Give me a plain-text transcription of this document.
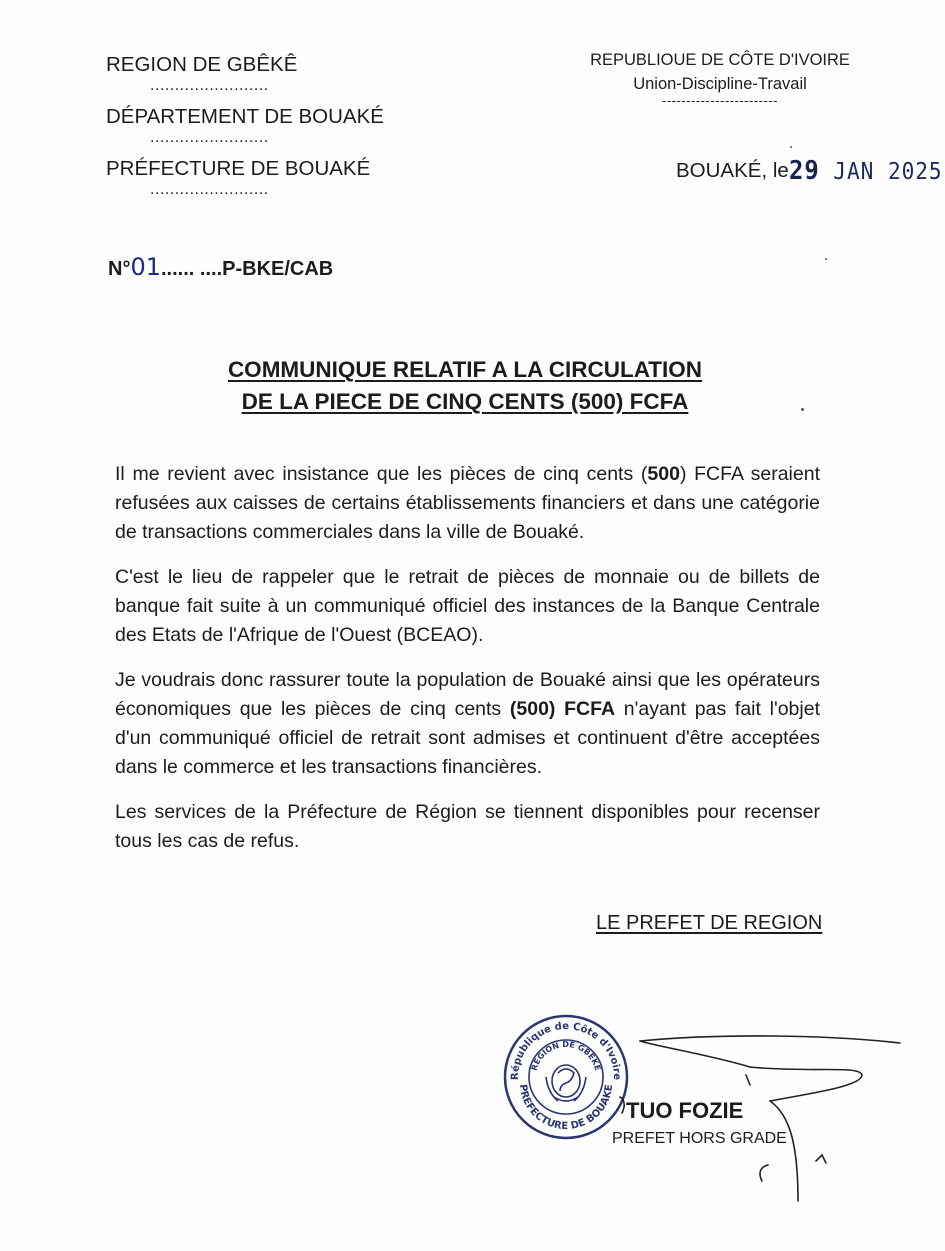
REGION DE GBÊKÊ
........................
DÉPARTEMENT DE BOUAKÉ
........................
PRÉFECTURE DE BOUAKÉ
........................
REPUBLIOUE DE CÔTE D'IVOIRE
Union-Discipline-Travail
------------------------
BOUAKÉ, le29 JAN 2025
N°01...... ....P-BKE/CAB
COMMUNIQUE RELATIF A LA CIRCULATION
DE LA PIECE DE CINQ CENTS (500) FCFA

Il me revient avec insistance que les pièces de cinq cents (500) FCFA seraient refusées aux caisses de certains établissements financiers et dans une catégorie de transactions commerciales dans la ville de Bouaké.

C'est le lieu de rappeler que le retrait de pièces de monnaie ou de billets de banque fait suite à un communiqué officiel des instances de la Banque Centrale des Etats de l'Afrique de l'Ouest (BCEAO).

Je voudrais donc rassurer toute la population de Bouaké ainsi que les opérateurs économiques que les pièces de cinq cents (500) FCFA n'ayant pas fait l'objet d'un communiqué officiel de retrait sont admises et continuent d'être acceptées dans le commerce et les transactions financières.

Les services de la Préfecture de Région se tiennent disponibles pour recenser tous les cas de refus.

LE PREFET DE REGION
République de Côte d'Ivoire
RÉGION DE GBEKE
PREFECTURE DE BOUAKE
TUO FOZIE
PREFET HORS GRADE
